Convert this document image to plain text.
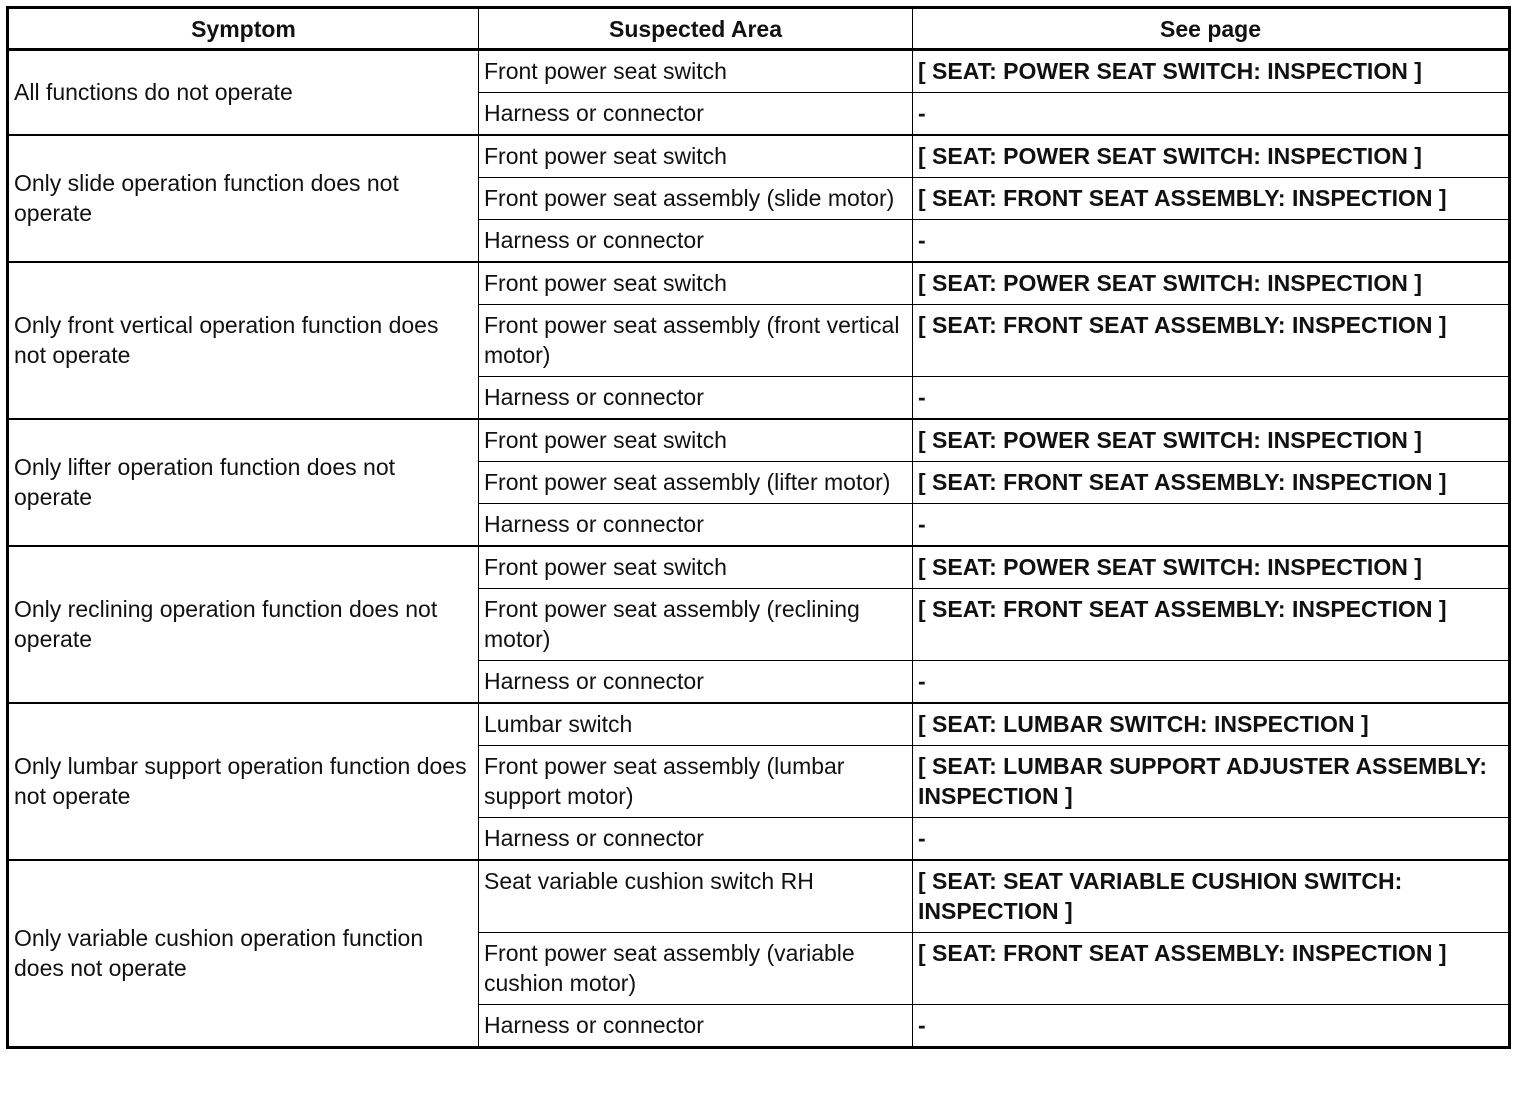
Symptom	Suspected Area	See page
All functions do not operate	Front power seat switch	[ SEAT: POWER SEAT SWITCH: INSPECTION ]
	Harness or connector	-
Only slide operation function does not operate	Front power seat switch	[ SEAT: POWER SEAT SWITCH: INSPECTION ]
	Front power seat assembly (slide motor)	[ SEAT: FRONT SEAT ASSEMBLY: INSPECTION ]
	Harness or connector	-
Only front vertical operation function does not operate	Front power seat switch	[ SEAT: POWER SEAT SWITCH: INSPECTION ]
	Front power seat assembly (front vertical motor)	[ SEAT: FRONT SEAT ASSEMBLY: INSPECTION ]
	Harness or connector	-
Only lifter operation function does not operate	Front power seat switch	[ SEAT: POWER SEAT SWITCH: INSPECTION ]
	Front power seat assembly (lifter motor)	[ SEAT: FRONT SEAT ASSEMBLY: INSPECTION ]
	Harness or connector	-
Only reclining operation function does not operate	Front power seat switch	[ SEAT: POWER SEAT SWITCH: INSPECTION ]
	Front power seat assembly (reclining motor)	[ SEAT: FRONT SEAT ASSEMBLY: INSPECTION ]
	Harness or connector	-
Only lumbar support operation function does not operate	Lumbar switch	[ SEAT: LUMBAR SWITCH: INSPECTION ]
	Front power seat assembly (lumbar support motor)	[ SEAT: LUMBAR SUPPORT ADJUSTER ASSEMBLY: INSPECTION ]
	Harness or connector	-
Only variable cushion operation function does not operate	Seat variable cushion switch RH	[ SEAT: SEAT VARIABLE CUSHION SWITCH: INSPECTION ]
	Front power seat assembly (variable cushion motor)	[ SEAT: FRONT SEAT ASSEMBLY: INSPECTION ]
	Harness or connector	-
